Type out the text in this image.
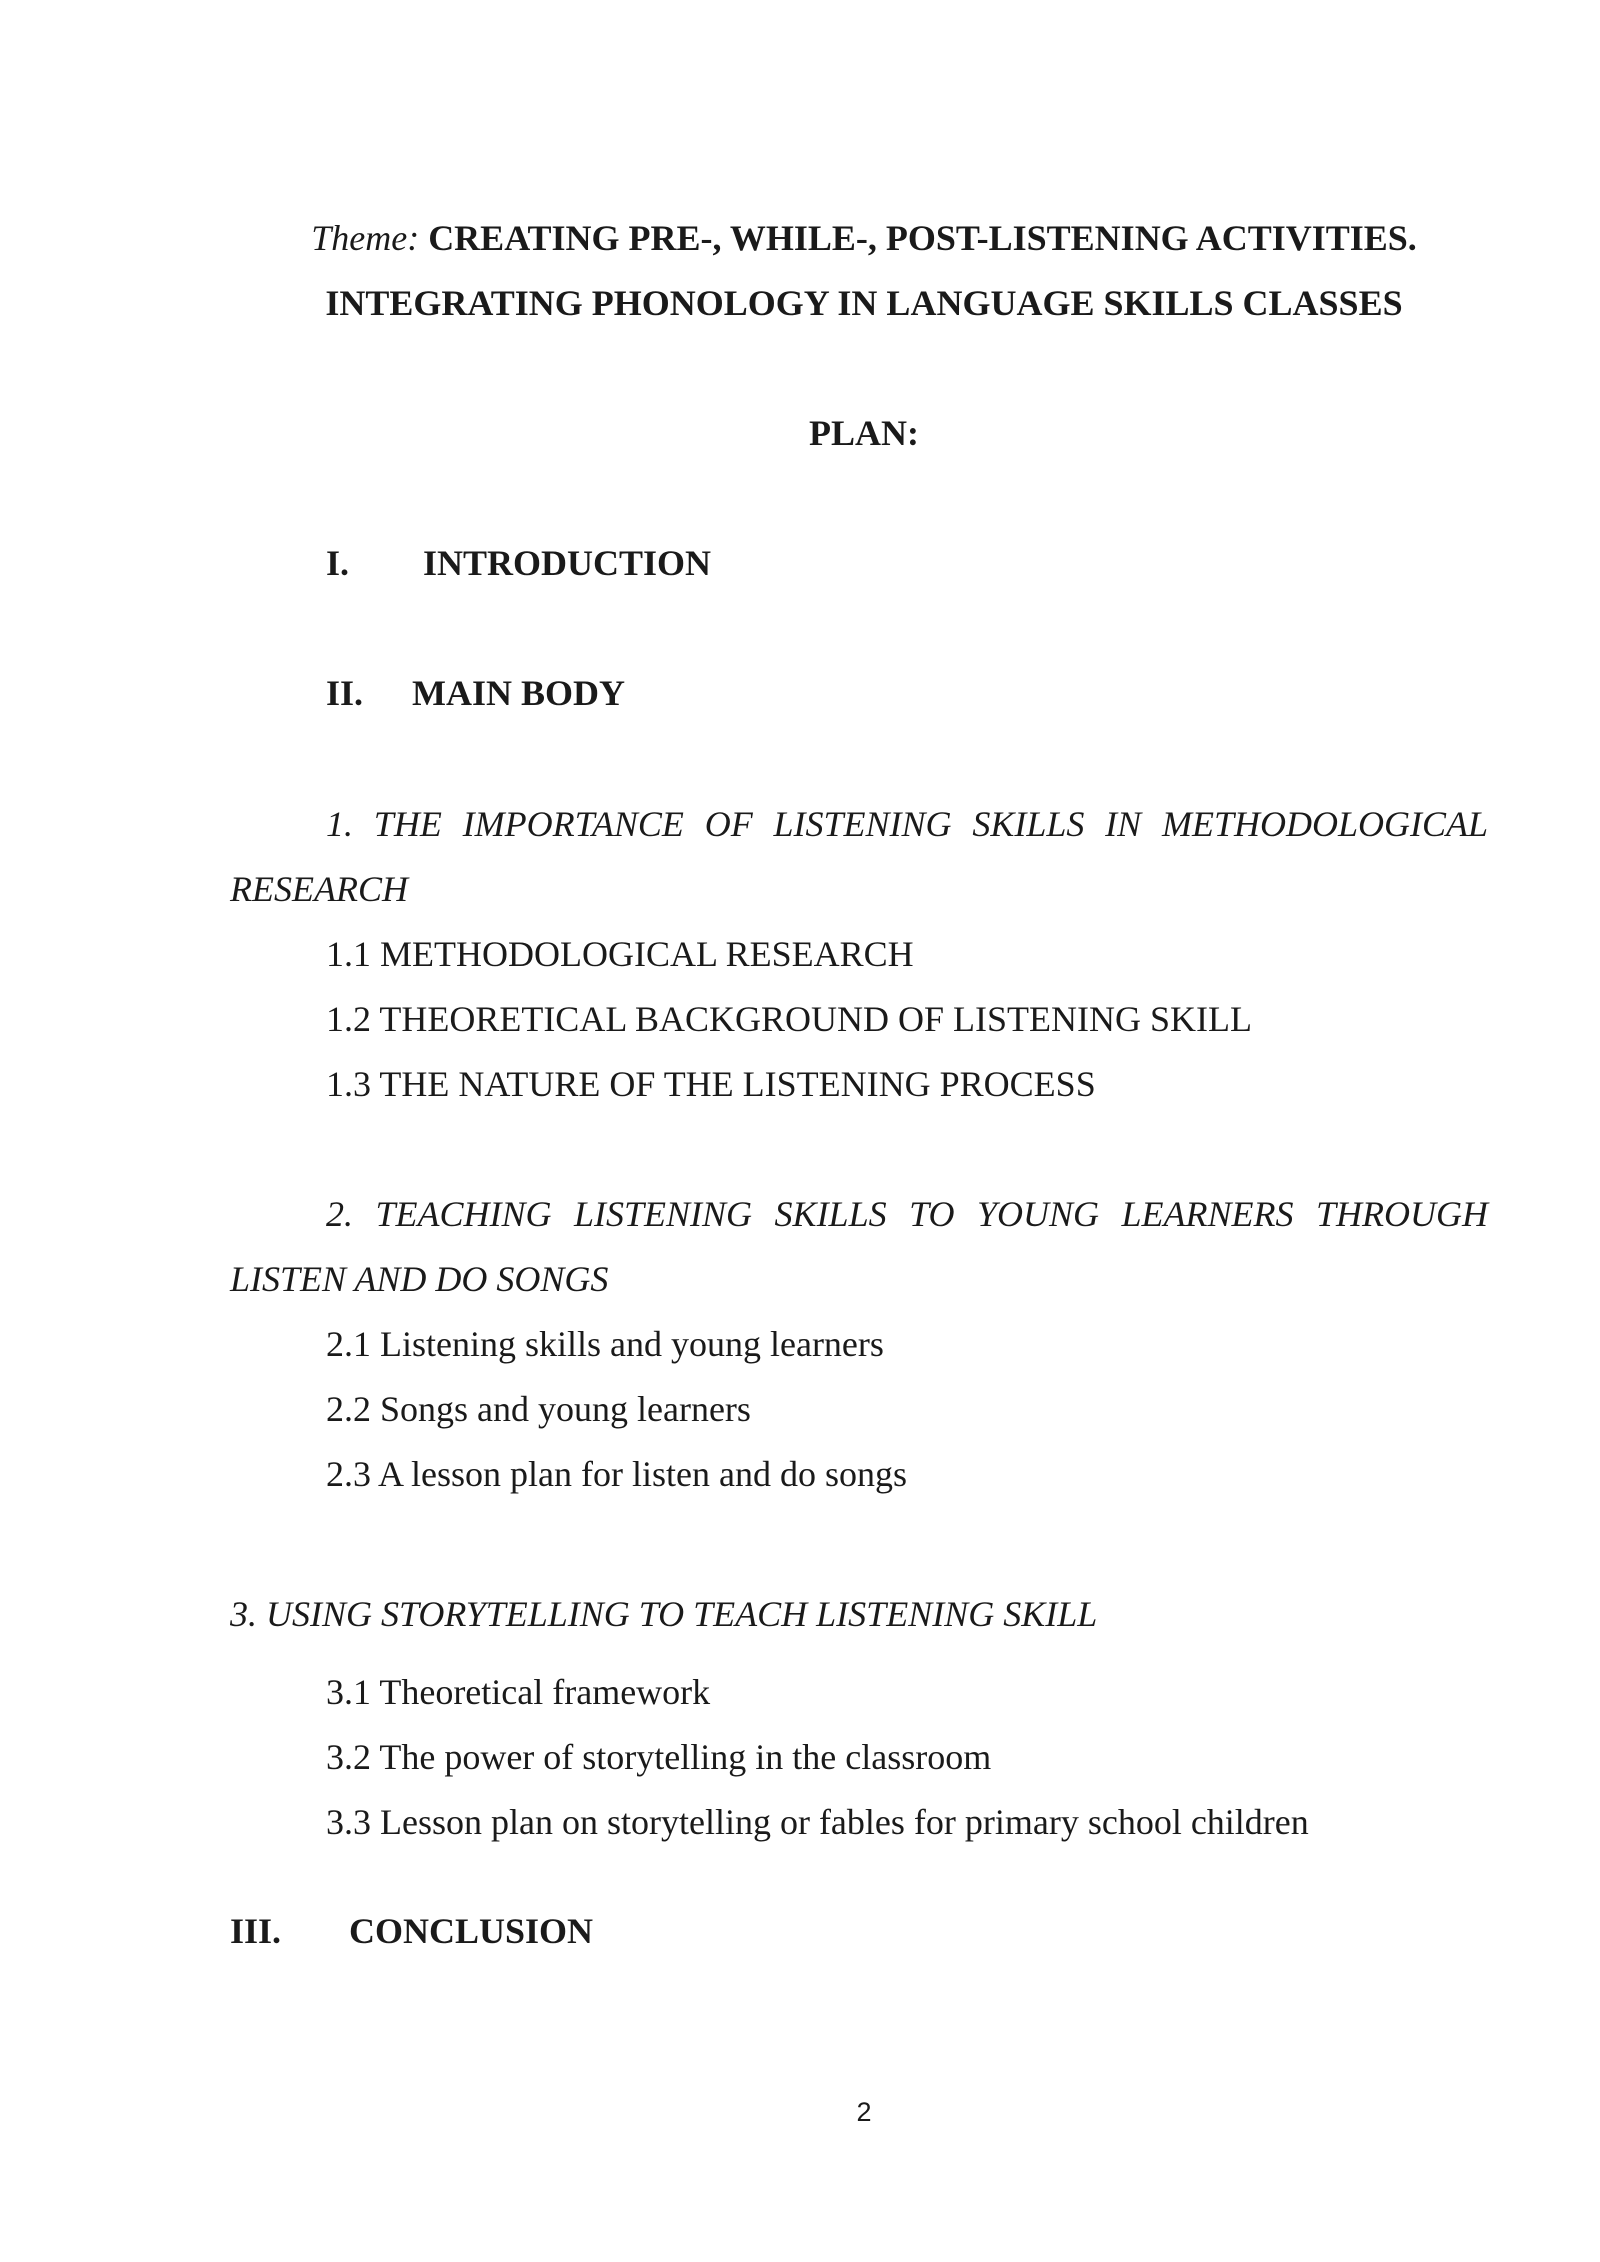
Theme: CREATING PRE-, WHILE-, POST-LISTENING ACTIVITIES.
INTEGRATING PHONOLOGY IN LANGUAGE SKILLS CLASSES
PLAN:
I. INTRODUCTION
II. MAIN BODY
1. THE IMPORTANCE OF LISTENING SKILLS IN METHODOLOGICAL
RESEARCH
1.1 METHODOLOGICAL RESEARCH
1.2 THEORETICAL BACKGROUND OF LISTENING SKILL
1.3 THE NATURE OF THE LISTENING PROCESS
2. TEACHING LISTENING SKILLS TO YOUNG LEARNERS THROUGH
LISTEN AND DO SONGS
2.1 Listening skills and young learners
2.2 Songs and young learners
2.3 A lesson plan for listen and do songs
3. USING STORYTELLING TO TEACH LISTENING SKILL
3.1 Theoretical framework
3.2 The power of storytelling in the classroom
3.3 Lesson plan on storytelling or fables for primary school children
III. CONCLUSION
2
